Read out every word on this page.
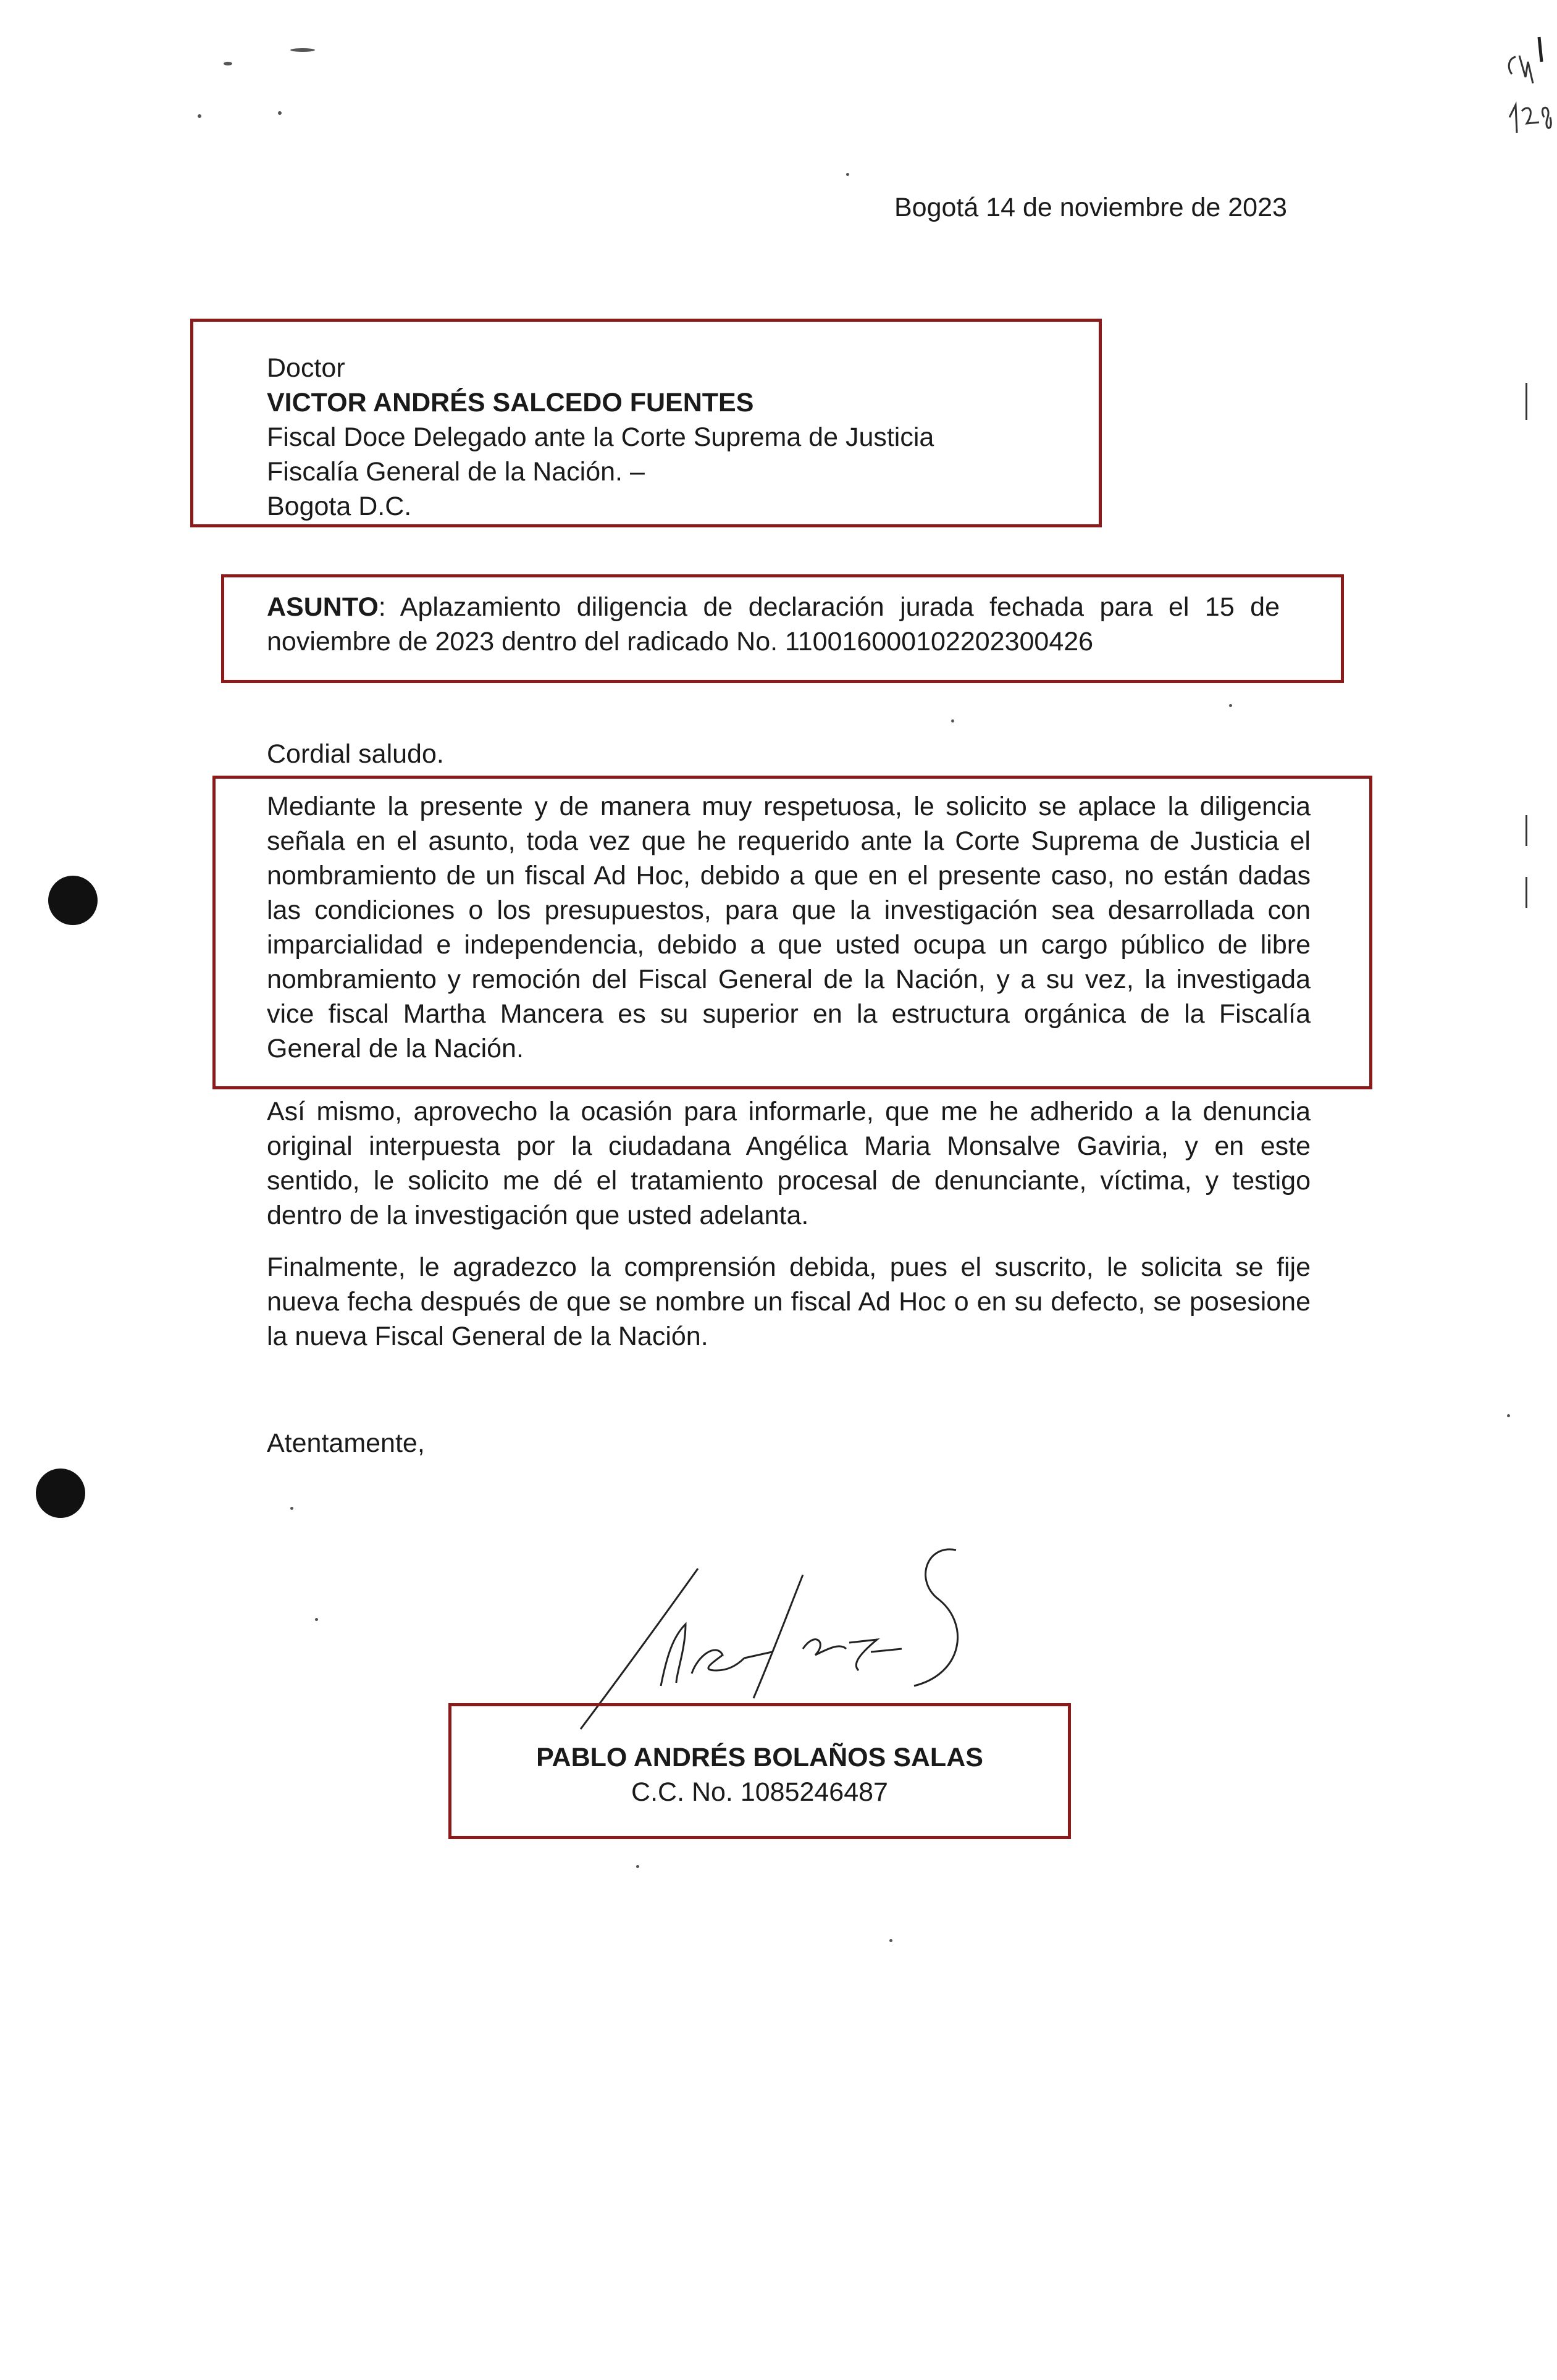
Bogotá 14 de noviembre de 2023
Doctor
VICTOR ANDRÉS SALCEDO FUENTES
Fiscal Doce Delegado ante la Corte Suprema de Justicia
Fiscalía General de la Nación. –
Bogota D.C.
ASUNTO: Aplazamiento diligencia de declaración jurada fechada para el 15 de noviembre de 2023 dentro del radicado No. 110016000102202300426
Cordial saludo.
Mediante la presente y de manera muy respetuosa, le solicito se aplace la diligencia señala en el asunto, toda vez que he requerido ante la Corte Suprema de Justicia el nombramiento de un fiscal Ad Hoc, debido a que en el presente caso, no están dadas las condiciones o los presupuestos, para que la investigación sea desarrollada con imparcialidad e independencia, debido a que usted ocupa un cargo público de libre nombramiento y remoción del Fiscal General de la Nación, y a su vez, la investigada vice fiscal Martha Mancera es su superior en la estructura orgánica de la Fiscalía General de la Nación.
Así mismo, aprovecho la ocasión para informarle, que me he adherido a la denuncia original interpuesta por la ciudadana Angélica Maria Monsalve Gaviria, y en este sentido, le solicito me dé el tratamiento procesal de denunciante, víctima, y testigo dentro de la investigación que usted adelanta.
Finalmente, le agradezco la comprensión debida, pues el suscrito, le solicita se fije nueva fecha después de que se nombre un fiscal Ad Hoc o en su defecto, se posesione la nueva Fiscal General de la Nación.
Atentamente,
PABLO ANDRÉS BOLAÑOS SALAS
C.C. No. 1085246487
